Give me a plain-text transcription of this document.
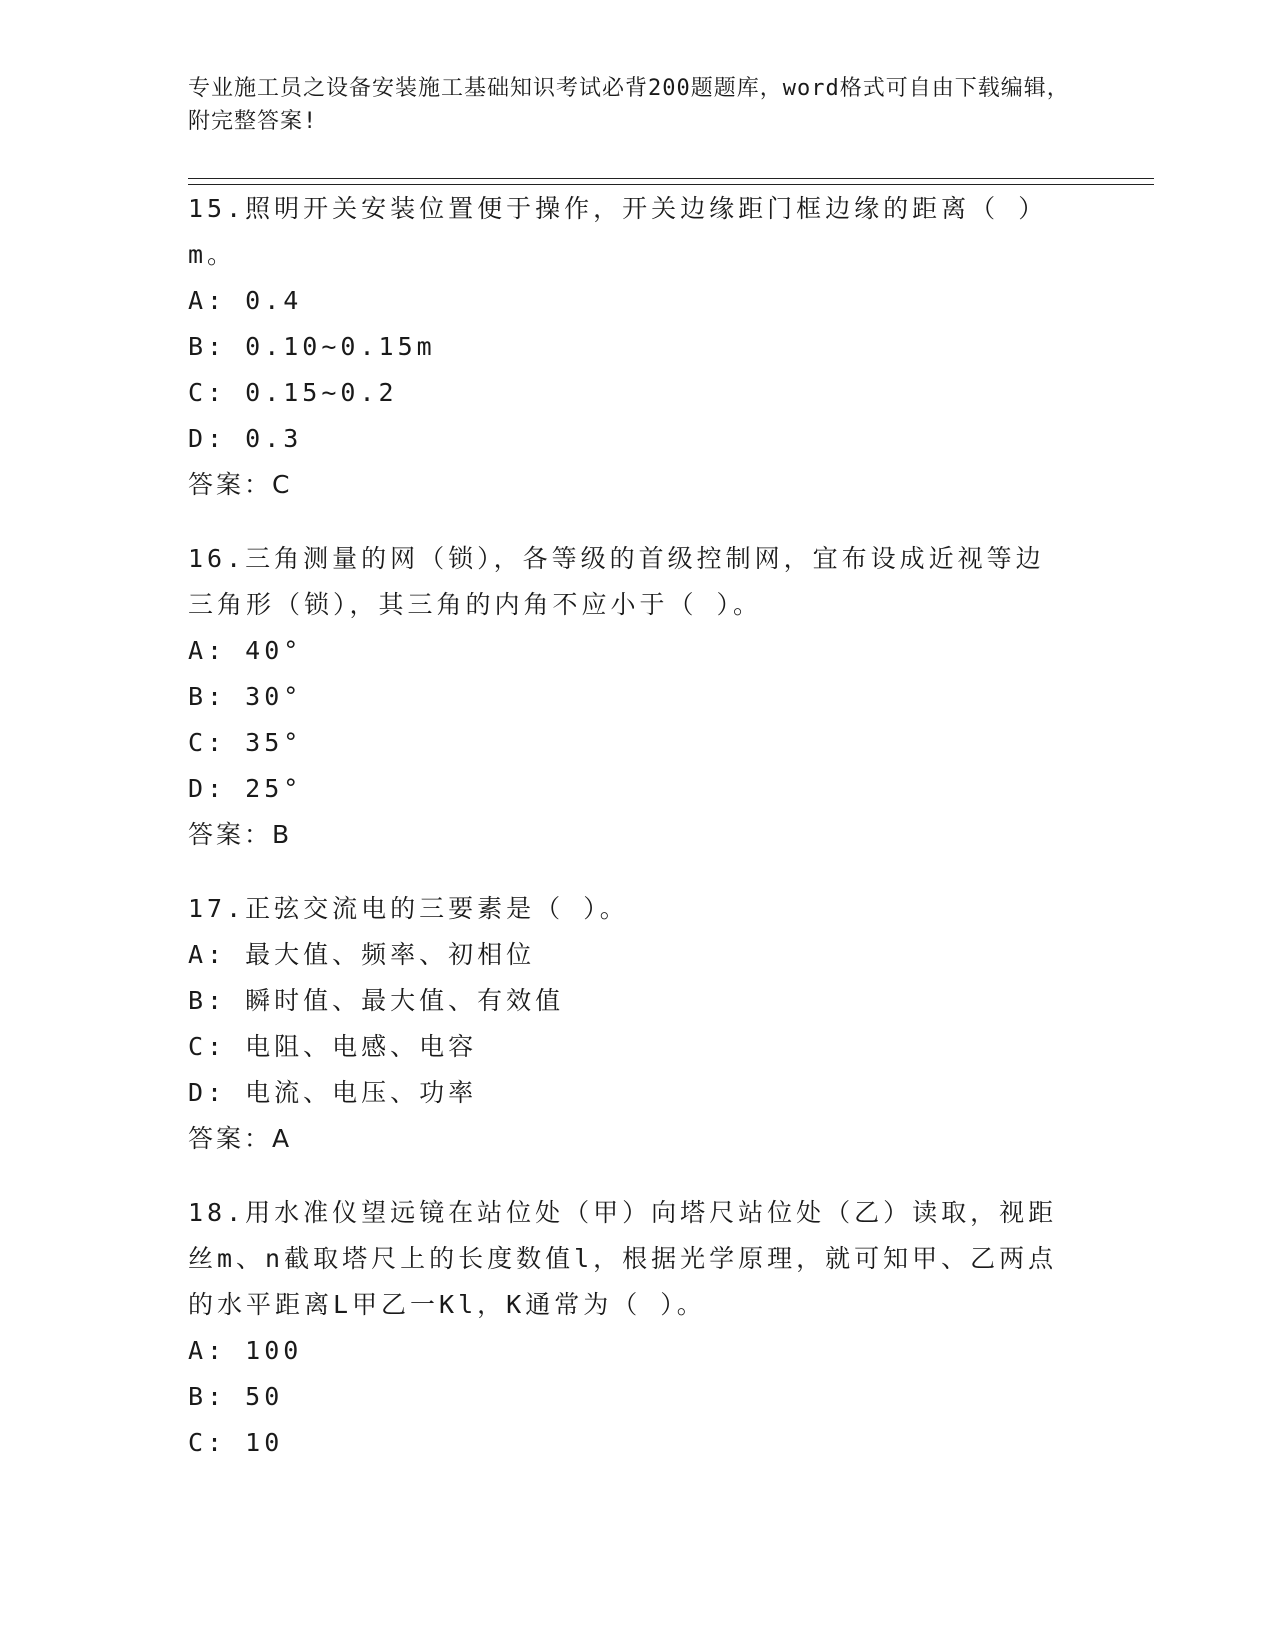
专业施工员之设备安装施工基础知识考试必背200题题库，word格式可自由下载编辑，附完整答案!

15.照明开关安装位置便于操作，开关边缘距门框边缘的距离（ ）m。

A: 0.4

B: 0.10~0.15m

C: 0.15~0.2

D: 0.3

答案：C

16.三角测量的网（锁），各等级的首级控制网，宜布设成近视等边三角形（锁），其三角的内角不应小于（ ）。

A: 40°

B: 30°

C: 35°

D: 25°

答案：B

17.正弦交流电的三要素是（ ）。

A: 最大值、频率、初相位

B: 瞬时值、最大值、有效值

C: 电阻、电感、电容

D: 电流、电压、功率

答案：A

18.用水准仪望远镜在站位处（甲）向塔尺站位处（乙）读取，视距丝m、n截取塔尺上的长度数值l，根据光学原理，就可知甲、乙两点的水平距离L甲乙一Kl，K通常为（ ）。

A: 100

B: 50

C: 10
